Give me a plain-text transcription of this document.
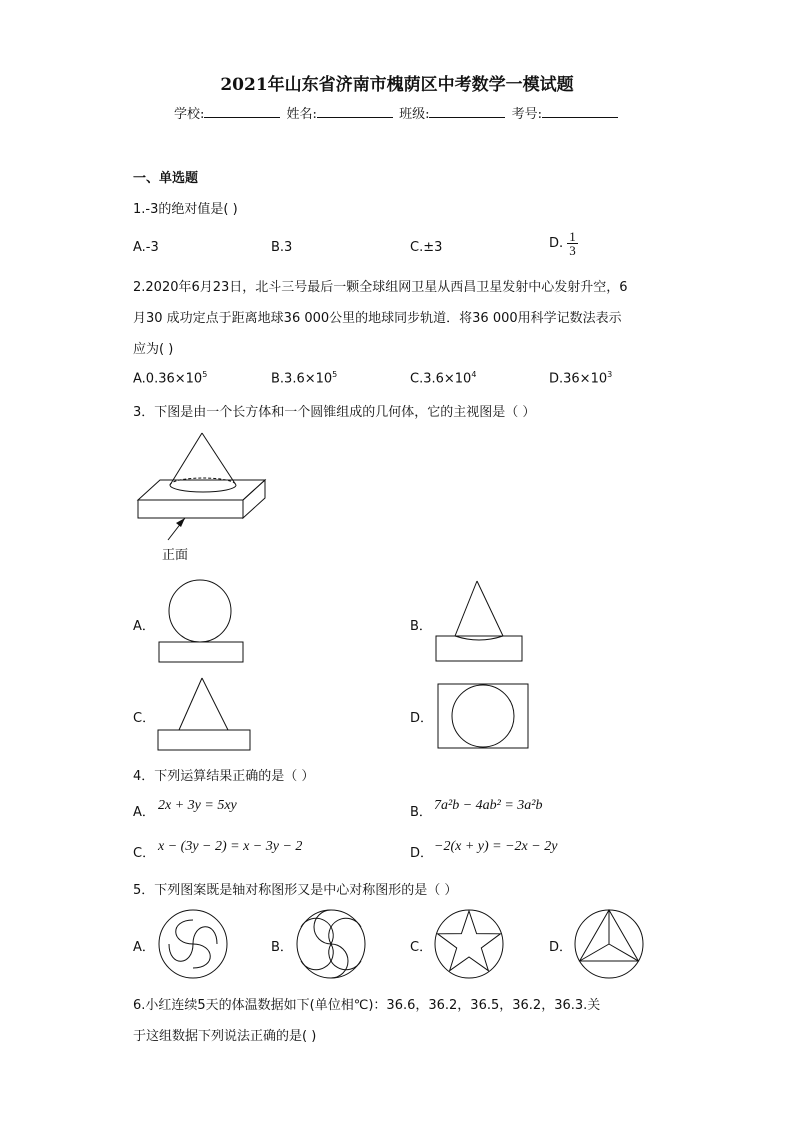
2021年山东省济南市槐荫区中考数学一模试题
学校:	姓名:	班级:	考号:
一、单选题
1.-3的绝对值是( )
A.-3	B.3	C.±3	D. $\frac{1}{3}$
2.2020年6月23日，北斗三号最后一颗全球组网卫星从西昌卫星发射中心发射升空，6
月30 成功定点于距离地球36 000公里的地球同步轨道．将36 000用科学记数法表示
应为( )
$A.0.36\times 10^5$	$B.3.6\times 10^5$	$C.3.6\times 10^4$	$D.36\times 10^3$
3．下图是由一个长方体和一个圆锥组成的几何体，它的主视图是（ ）
正面
A．	B．
C．	D．
4．下列运算结果正确的是（ ）
A． 2x + 3y = 5xy	B． 7a²b − 4ab² = 3a²b
C． x − (3y − 2) = x − 3y − 2	D． −2(x + y) = −2x − 2y
5．下列图案既是轴对称图形又是中心对称图形的是（ ）
A．	B．	C．	D．
6.小红连续5天的体温数据如下(单位相℃)：36.6，36.2，36.5，36.2，36.3.关
于这组数据下列说法正确的是( )
